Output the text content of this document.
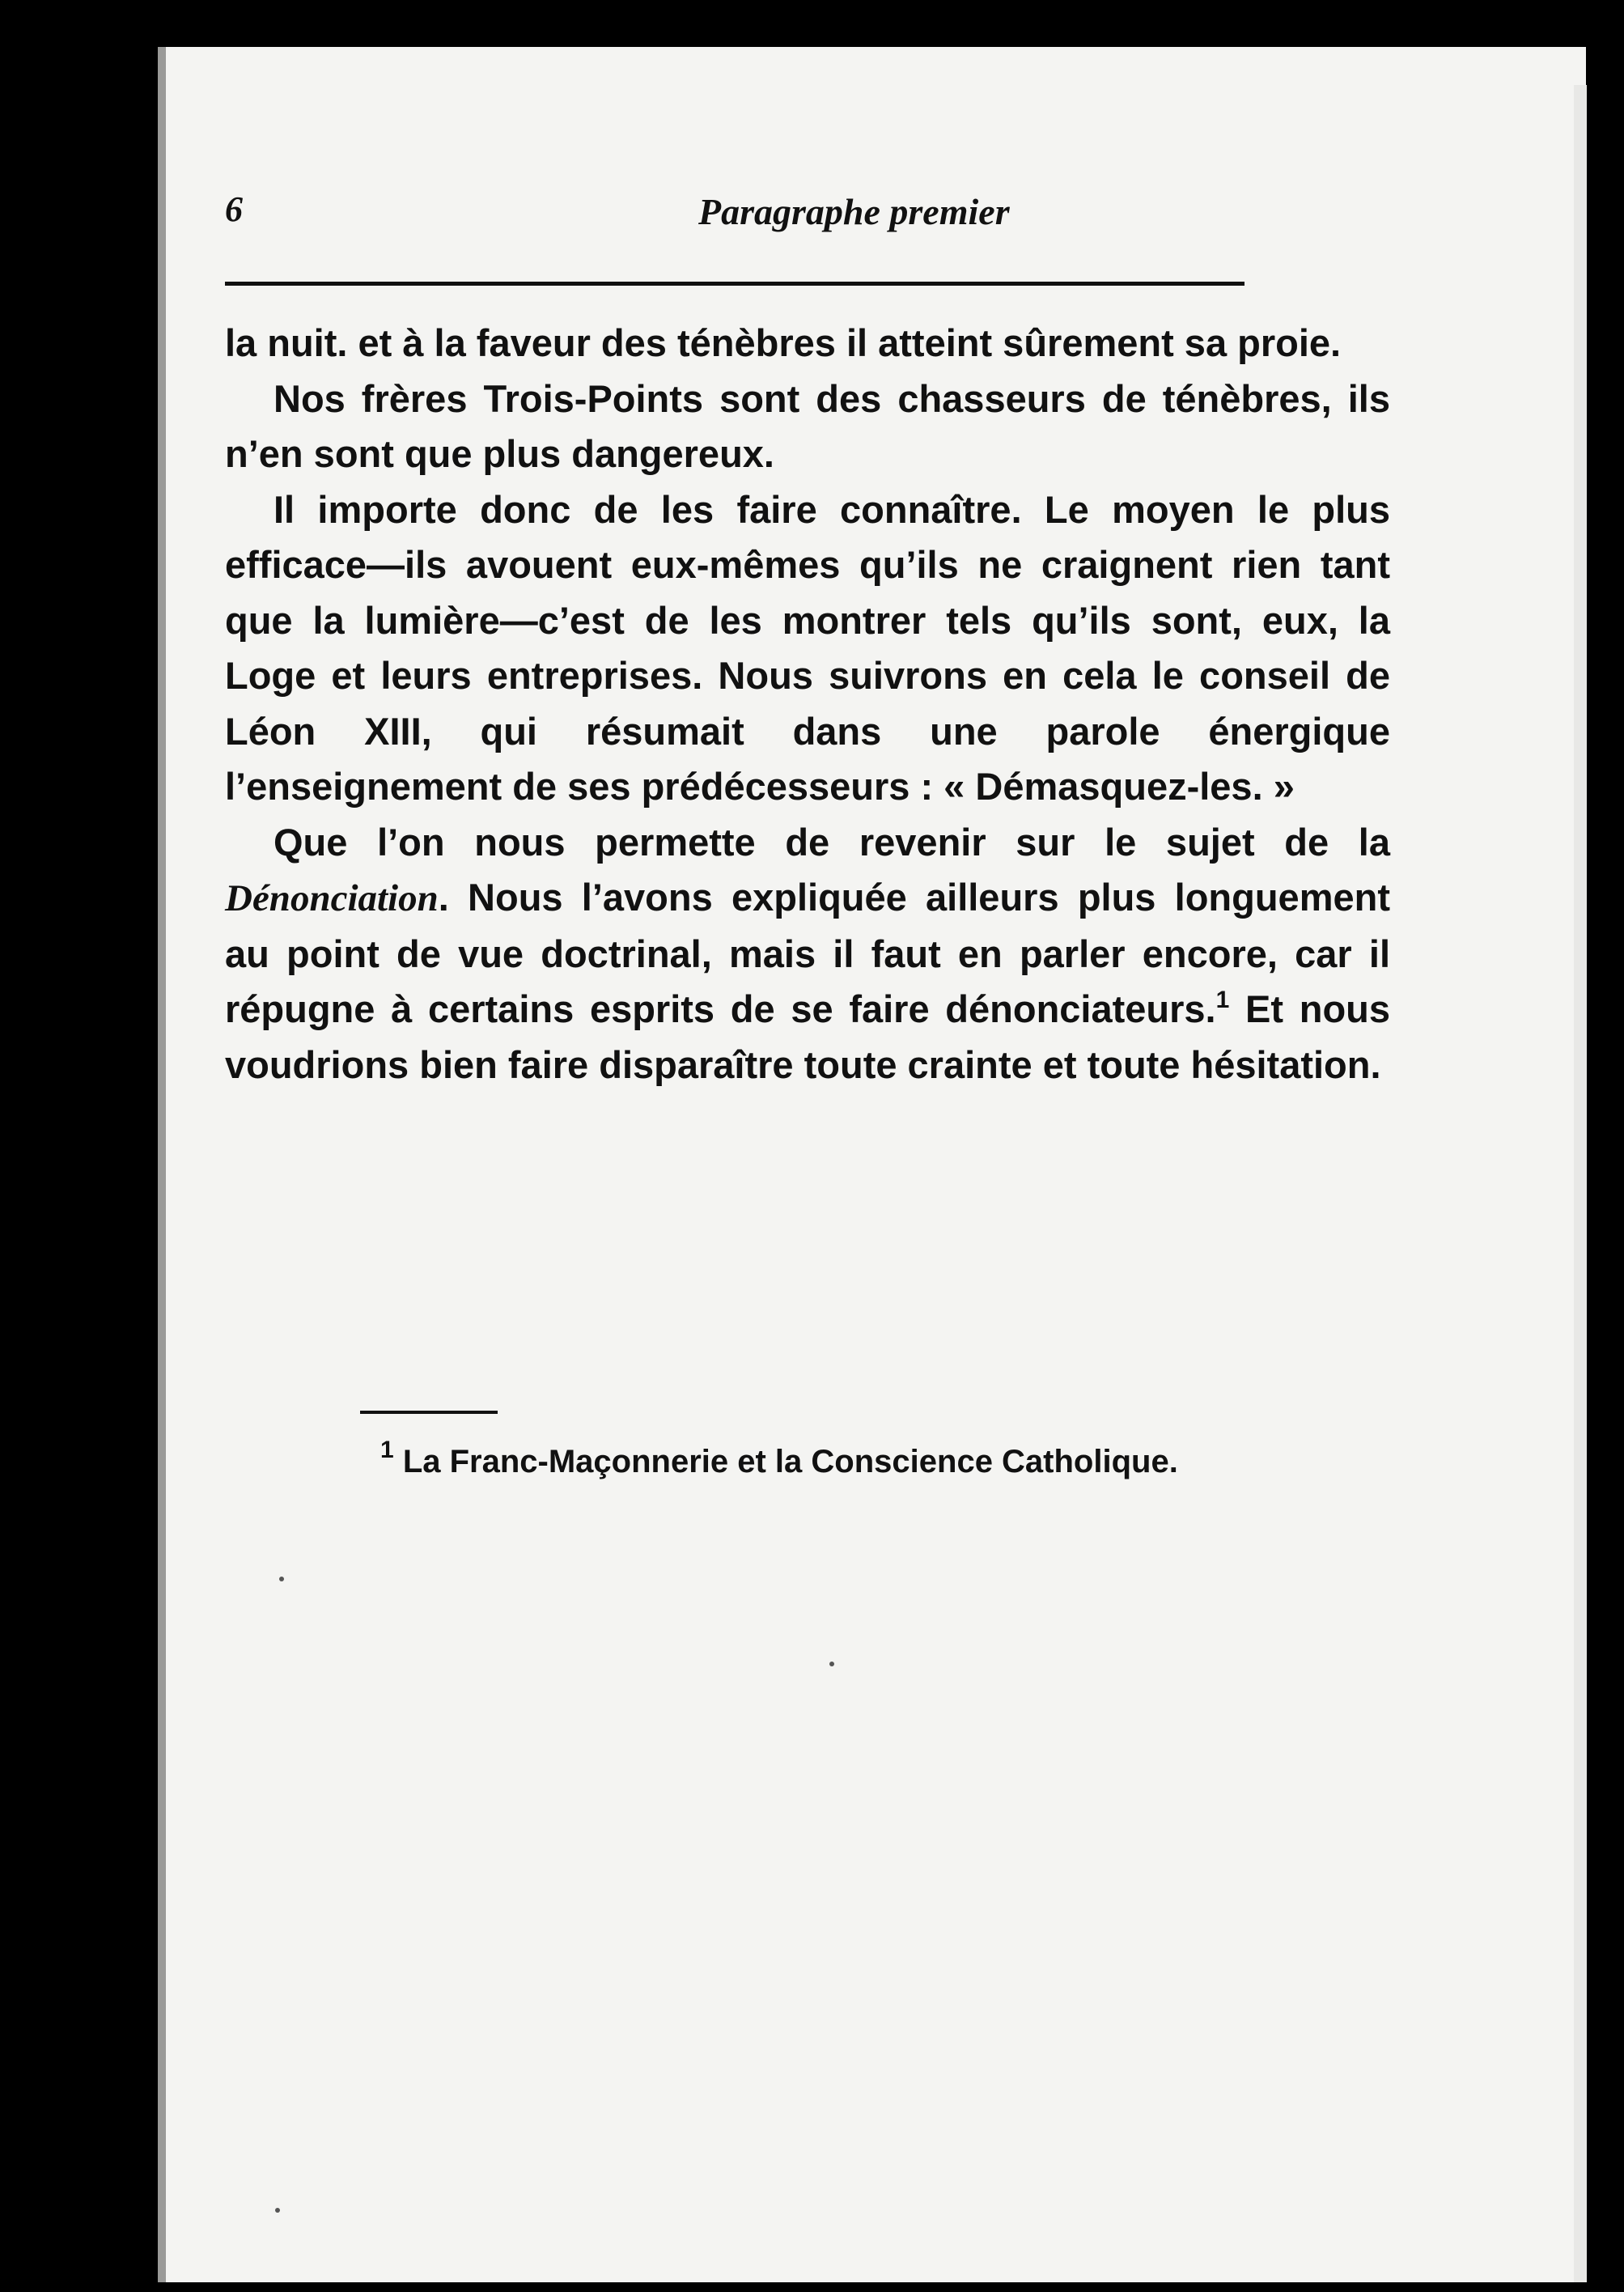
6	Paragraphe premier

la nuit. et à la faveur des ténèbres il atteint sûrement sa proie.

Nos frères Trois-Points sont des chasseurs de ténèbres, ils n’en sont que plus dangereux.

Il importe donc de les faire connaître. Le moyen le plus efficace—ils avouent eux-mêmes qu’ils ne craignent rien tant que la lumière—c’est de les montrer tels qu’ils sont, eux, la Loge et leurs entreprises. Nous suivrons en cela le conseil de Léon XIII, qui résumait dans une parole énergique l’enseignement de ses prédécesseurs : « Démasquez-les. »

Que l’on nous permette de revenir sur le sujet de la Dénonciation. Nous l’avons expliquée ailleurs plus longuement au point de vue doctrinal, mais il faut en parler encore, car il répugne à certains esprits de se faire dénonciateurs.$^1$ Et nous voudrions bien faire disparaître toute crainte et toute hésitation.

$^1$ La Franc-Maçonnerie et la Conscience Catholique.
